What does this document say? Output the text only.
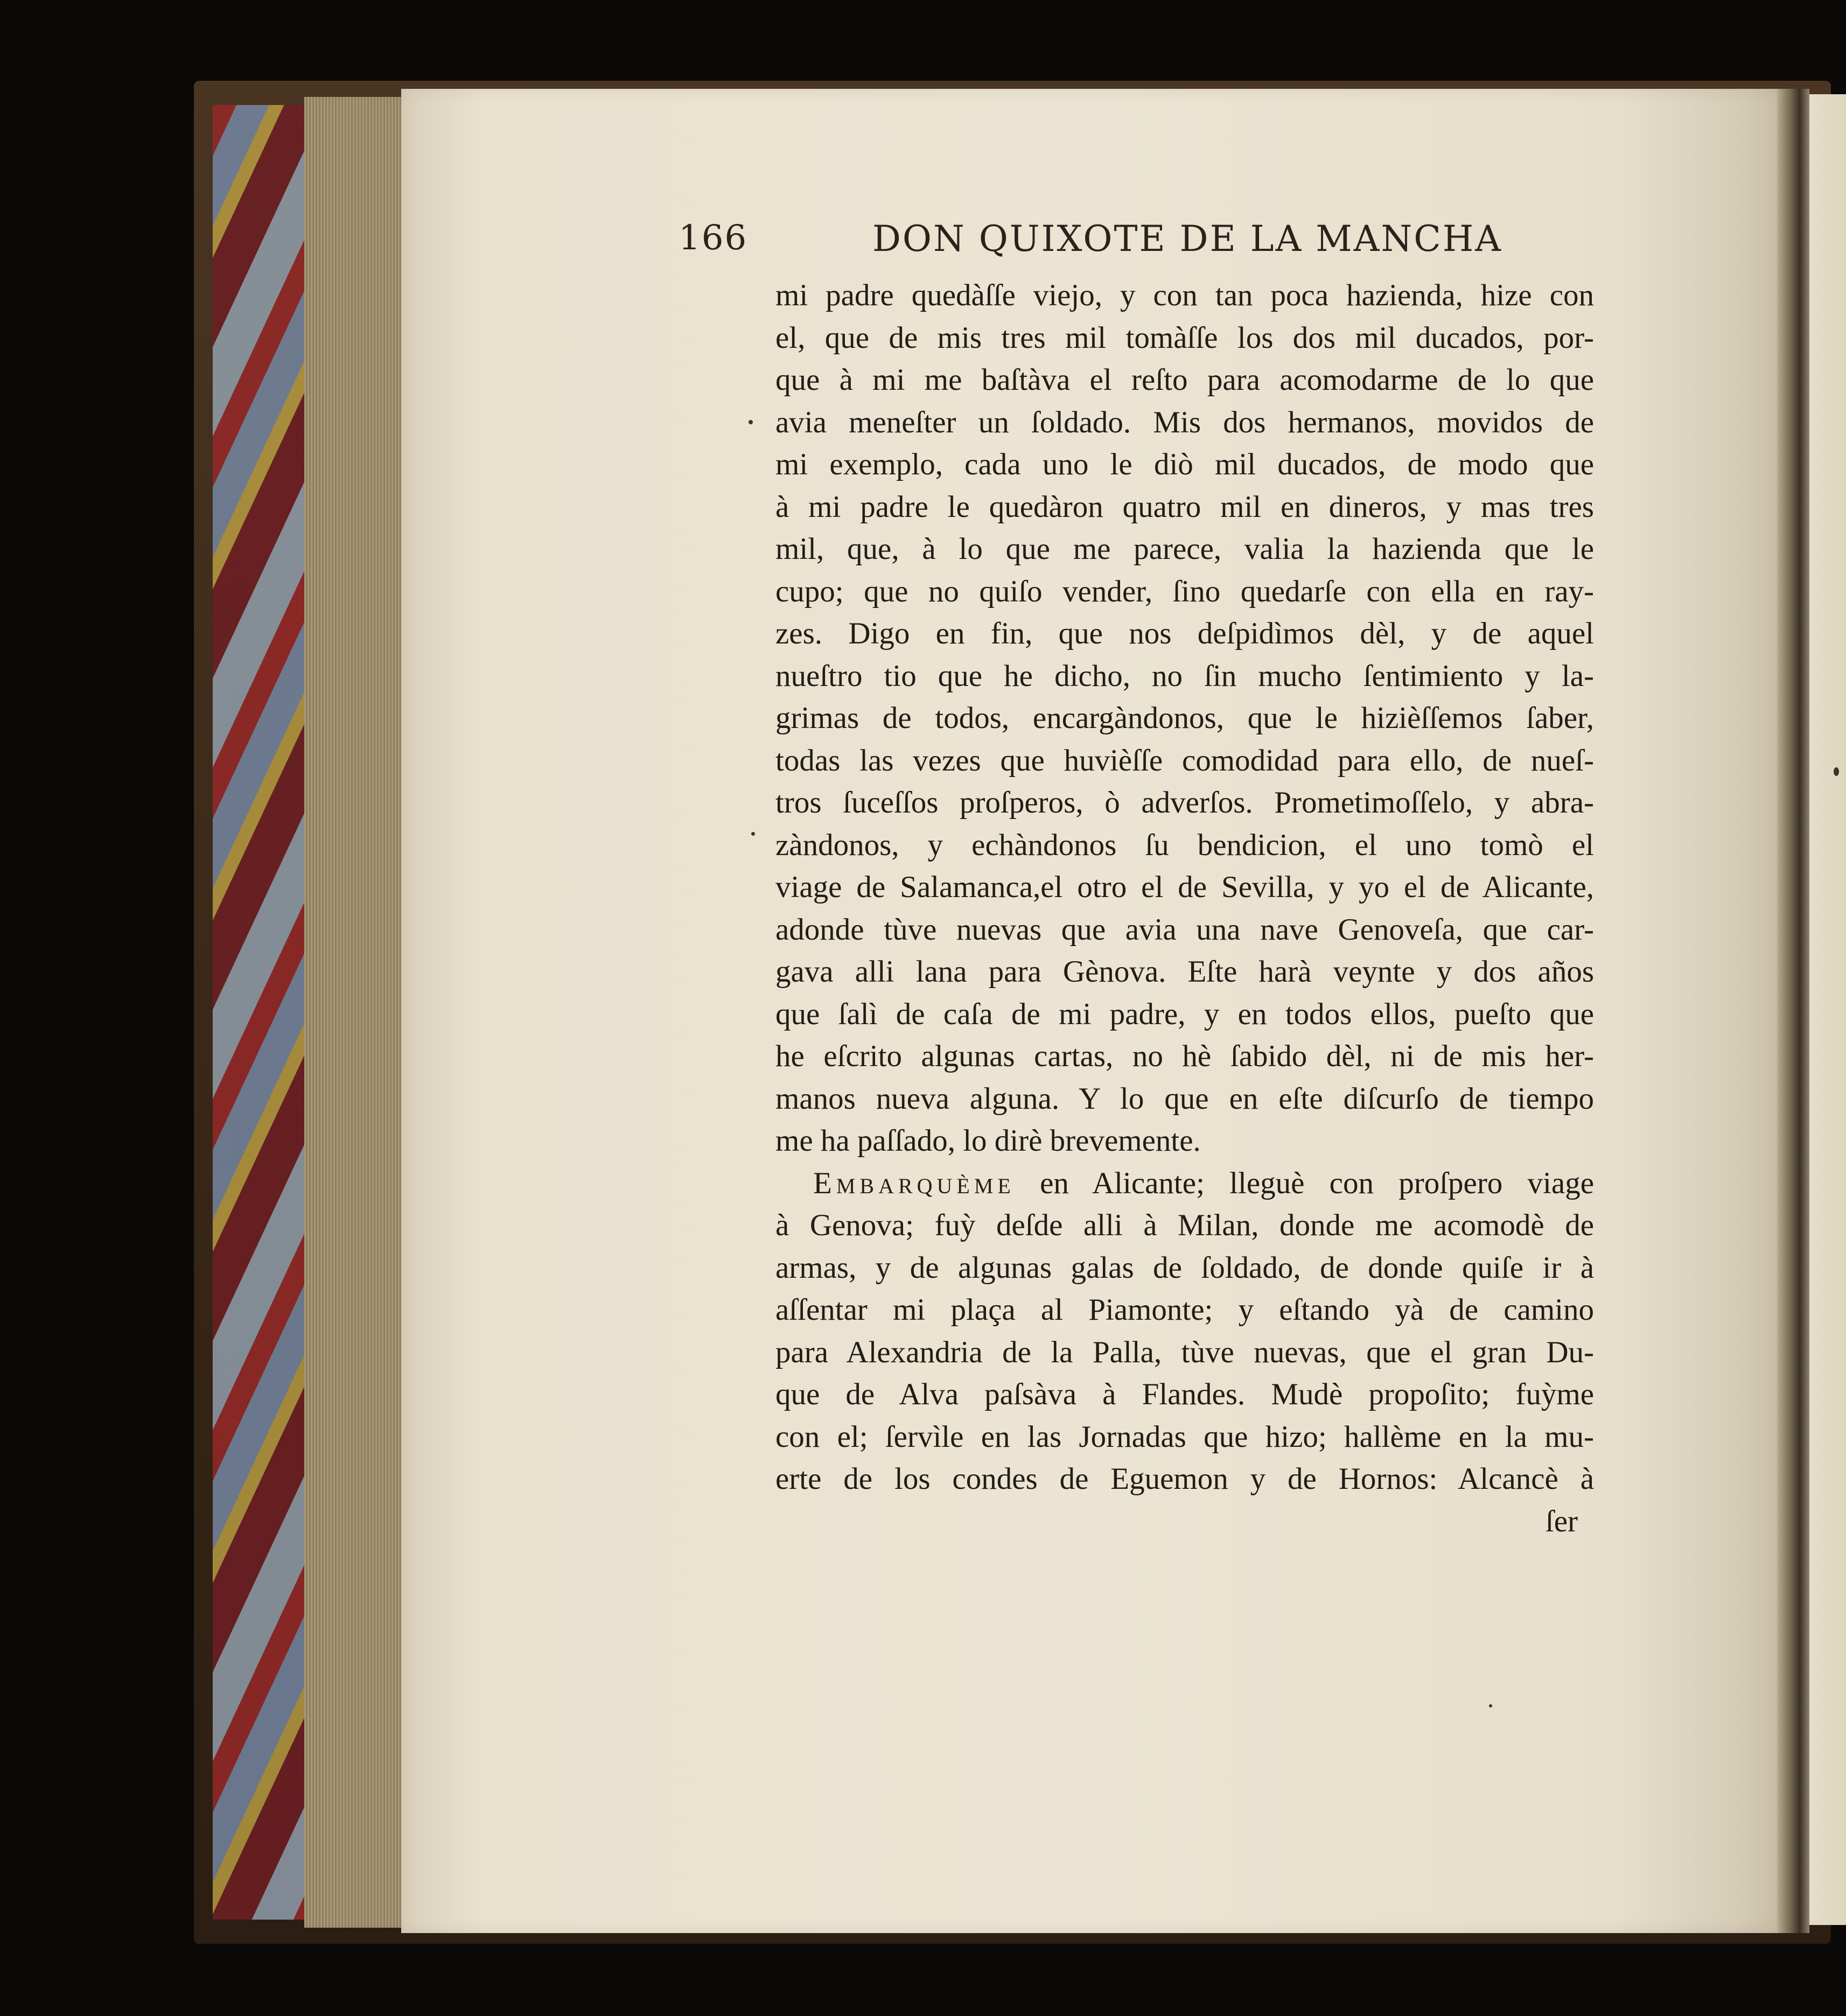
166	DON QUIXOTE DE LA MANCHA
mi padre quedàſſe viejo, y con tan poca hazienda, hize con
el, que de mis tres mil tomàſſe los dos mil ducados, por-
que à mi me baſtàva el reſto para acomodarme de lo que
avia meneſter un ſoldado. Mis dos hermanos, movidos de
mi exemplo, cada uno le diò mil ducados, de modo que
à mi padre le quedàron quatro mil en dineros, y mas tres
mil, que, à lo que me parece, valia la hazienda que le
cupo; que no quiſo vender, ſino quedarſe con ella en ray-
zes. Digo en fin, que nos deſpidìmos dèl, y de aquel
nueſtro tio que he dicho, no ſin mucho ſentimiento y la-
grimas de todos, encargàndonos, que le hizièſſemos ſaber,
todas las vezes que huvièſſe comodidad para ello, de nueſ-
tros ſuceſſos proſperos, ò adverſos. Prometimoſſelo, y abra-
zàndonos, y echàndonos ſu bendicion, el uno tomò el
viage de Salamanca,el otro el de Sevilla, y yo el de Alicante,
adonde tùve nuevas que avia una nave Genoveſa, que car-
gava alli lana para Gènova. Eſte harà veynte y dos años
que ſalì de caſa de mi padre, y en todos ellos, pueſto que
he eſcrito algunas cartas, no hè ſabido dèl, ni de mis her-
manos nueva alguna. Y lo que en eſte diſcurſo de tiempo
me ha paſſado, lo dirè brevemente.
Embarquème en Alicante; lleguè con proſpero viage
à Genova; fuỳ deſde alli à Milan, donde me acomodè de
armas, y de algunas galas de ſoldado, de donde quiſe ir à
aſſentar mi plaça al Piamonte; y eſtando yà de camino
para Alexandria de la Palla, tùve nuevas, que el gran Du-
que de Alva paſsàva à Flandes. Mudè propoſito; fuỳme
con el; ſervìle en las Jornadas que hizo; hallème en la mu-
erte de los condes de Eguemon y de Hornos: Alcancè à
ſer
